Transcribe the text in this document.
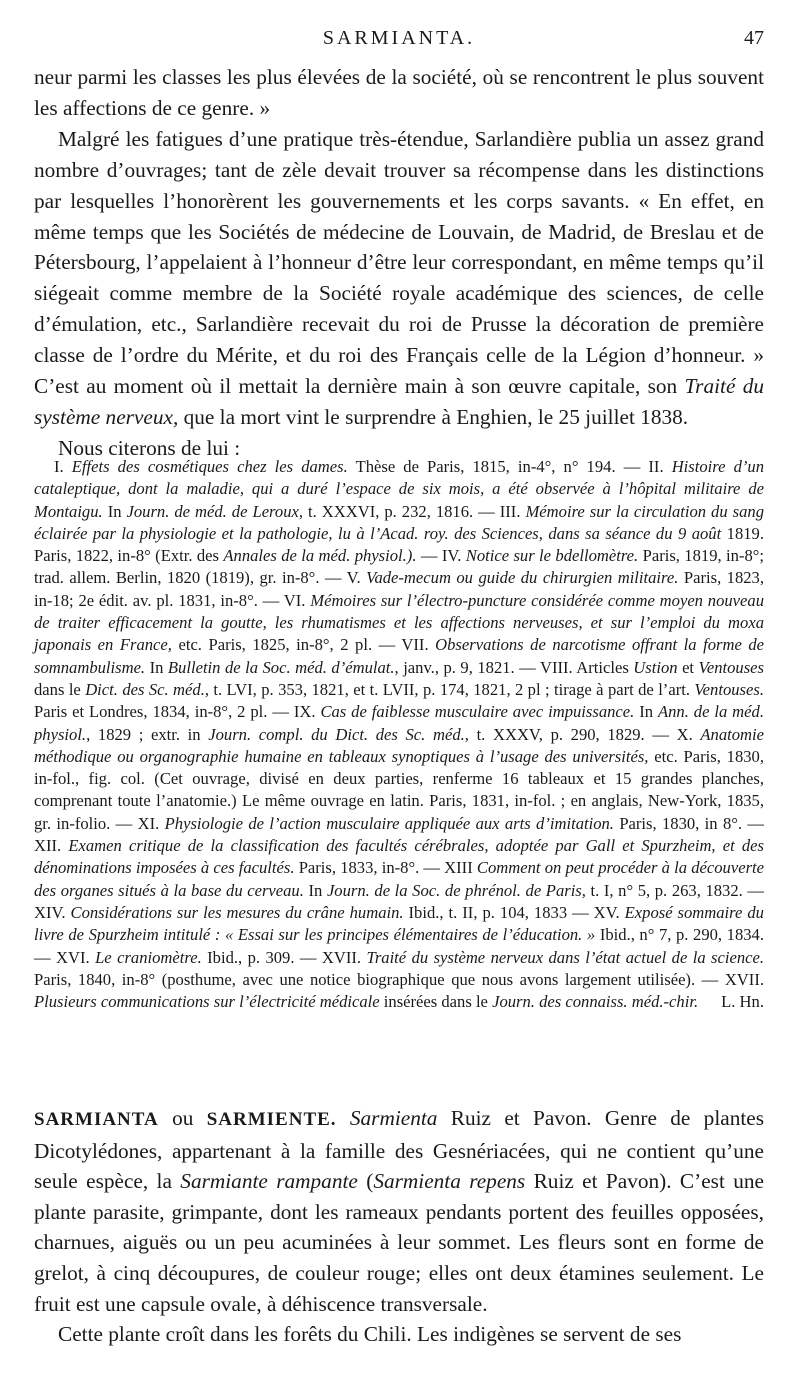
SARMIANTA.	47

neur parmi les classes les plus élevées de la société, où se rencontrent le plus souvent les affections de ce genre. »

Malgré les fatigues d’une pratique très-étendue, Sarlandière publia un assez grand nombre d’ouvrages; tant de zèle devait trouver sa récompense dans les distinctions par lesquelles l’honorèrent les gouvernements et les corps savants. « En effet, en même temps que les Sociétés de médecine de Louvain, de Madrid, de Breslau et de Pétersbourg, l’appelaient à l’honneur d’être leur correspondant, en même temps qu’il siégeait comme membre de la Société royale académique des sciences, de celle d’émulation, etc., Sarlandière recevait du roi de Prusse la décoration de première classe de l’ordre du Mérite, et du roi des Français celle de la Légion d’honneur. » C’est au moment où il mettait la dernière main à son œuvre capitale, son Traité du système nerveux, que la mort vint le surprendre à Enghien, le 25 juillet 1838.

Nous citerons de lui :

I. Effets des cosmétiques chez les dames. Thèse de Paris, 1815, in-4°, n° 194. — II. Histoire d’un cataleptique, dont la maladie, qui a duré l’espace de six mois, a été observée à l’hôpital militaire de Montaigu. In Journ. de méd. de Leroux, t. XXXVI, p. 232, 1816. — III. Mémoire sur la circulation du sang éclairée par la physiologie et la pathologie, lu à l’Acad. roy. des Sciences, dans sa séance du 9 août 1819. Paris, 1822, in-8° (Extr. des Annales de la méd. physiol.). — IV. Notice sur le bdellomètre. Paris, 1819, in-8°; trad. allem. Berlin, 1820 (1819), gr. in-8°. — V. Vade-mecum ou guide du chirurgien militaire. Paris, 1823, in-18; 2e édit. av. pl. 1831, in-8°. — VI. Mémoires sur l’électro-puncture considérée comme moyen nouveau de traiter efficacement la goutte, les rhumatismes et les affections nerveuses, et sur l’emploi du moxa japonais en France, etc. Paris, 1825, in-8°, 2 pl. — VII. Observations de narcotisme offrant la forme de somnambulisme. In Bulletin de la Soc. méd. d’émulat., janv., p. 9, 1821. — VIII. Articles Ustion et Ventouses dans le Dict. des Sc. méd., t. LVI, p. 353, 1821, et t. LVII, p. 174, 1821, 2 pl ; tirage à part de l’art. Ventouses. Paris et Londres, 1834, in-8°, 2 pl. — IX. Cas de faiblesse musculaire avec impuissance. In Ann. de la méd. physiol., 1829 ; extr. in Journ. compl. du Dict. des Sc. méd., t. XXXV, p. 290, 1829. — X. Anatomie méthodique ou organographie humaine en tableaux synoptiques à l’usage des universités, etc. Paris, 1830, in-fol., fig. col. (Cet ouvrage, divisé en deux parties, renferme 16 tableaux et 15 grandes planches, comprenant toute l’anatomie.) Le même ouvrage en latin. Paris, 1831, in-fol. ; en anglais, New-York, 1835, gr. in-folio. — XI. Physiologie de l’action musculaire appliquée aux arts d’imitation. Paris, 1830, in 8°. — XII. Examen critique de la classification des facultés cérébrales, adoptée par Gall et Spurzheim, et des dénominations imposées à ces facultés. Paris, 1833, in-8°. — XIII Comment on peut procéder à la découverte des organes situés à la base du cerveau. In Journ. de la Soc. de phrénol. de Paris, t. I, n° 5, p. 263, 1832. — XIV. Considérations sur les mesures du crâne humain. Ibid., t. II, p. 104, 1833 — XV. Exposé sommaire du livre de Spurzheim intitulé : « Essai sur les principes élémentaires de l’éducation. » Ibid., n° 7, p. 290, 1834. — XVI. Le craniomètre. Ibid., p. 309. — XVII. Traité du système nerveux dans l’état actuel de la science. Paris, 1840, in-8° (posthume, avec une notice biographique que nous avons largement utilisée). — XVII. Plusieurs communications sur l’électricité médicale insérées dans le Journ. des connaiss. méd.-chir. L. Hn.

SARMIANTA ou SARMIENTE. Sarmienta Ruiz et Pavon. Genre de plantes Dicotylédones, appartenant à la famille des Gesnériacées, qui ne contient qu’une seule espèce, la Sarmiante rampante (Sarmienta repens Ruiz et Pavon). C’est une plante parasite, grimpante, dont les rameaux pendants portent des feuilles opposées, charnues, aiguës ou un peu acuminées à leur sommet. Les fleurs sont en forme de grelot, à cinq découpures, de couleur rouge; elles ont deux étamines seulement. Le fruit est une capsule ovale, à déhiscence transversale.

Cette plante croît dans les forêts du Chili. Les indigènes se servent de ses
